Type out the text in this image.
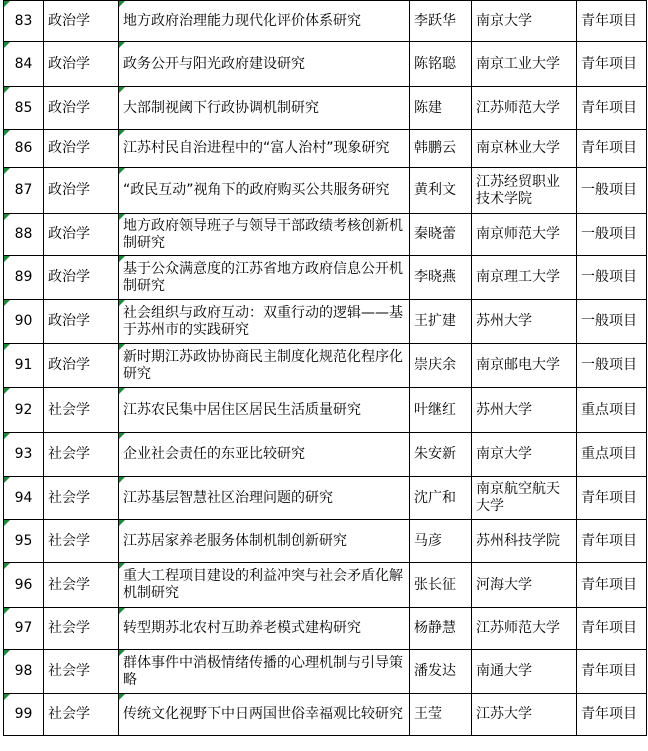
83	政治学	地方政府治理能力现代化评价体系研究	李跃华	南京大学	青年项目

84	政治学	政务公开与阳光政府建设研究	陈铭聪	南京工业大学	青年项目

85	政治学	大部制视阈下行政协调机制研究	陈建	江苏师范大学	青年项目

86	政治学	江苏村民自治进程中的“富人治村”现象研究	韩鹏云	南京林业大学	青年项目

87	政治学	“政民互动”视角下的政府购买公共服务研究	黄利文	江苏经贸职业技术学院	一般项目

88	政治学	地方政府领导班子与领导干部政绩考核创新机制研究	秦晓蕾	南京师范大学	一般项目

89	政治学	基于公众满意度的江苏省地方政府信息公开机制研究	李晓燕	南京理工大学	一般项目

90	政治学	社会组织与政府互动：双重行动的逻辑——基于苏州市的实践研究	王扩建	苏州大学	一般项目

91	政治学	新时期江苏政协协商民主制度化规范化程序化研究	崇庆余	南京邮电大学	一般项目

92	社会学	江苏农民集中居住区居民生活质量研究	叶继红	苏州大学	重点项目

93	社会学	企业社会责任的东亚比较研究	朱安新	南京大学	重点项目

94	社会学	江苏基层智慧社区治理问题的研究	沈广和	南京航空航天大学	青年项目

95	社会学	江苏居家养老服务体制机制创新研究	马彦	苏州科技学院	青年项目

96	社会学	重大工程项目建设的利益冲突与社会矛盾化解机制研究	张长征	河海大学	青年项目

97	社会学	转型期苏北农村互助养老模式建构研究	杨静慧	江苏师范大学	青年项目

98	社会学	群体事件中消极情绪传播的心理机制与引导策略	潘发达	南通大学	青年项目

99	社会学	传统文化视野下中日两国世俗幸福观比较研究	王莹	江苏大学	青年项目
